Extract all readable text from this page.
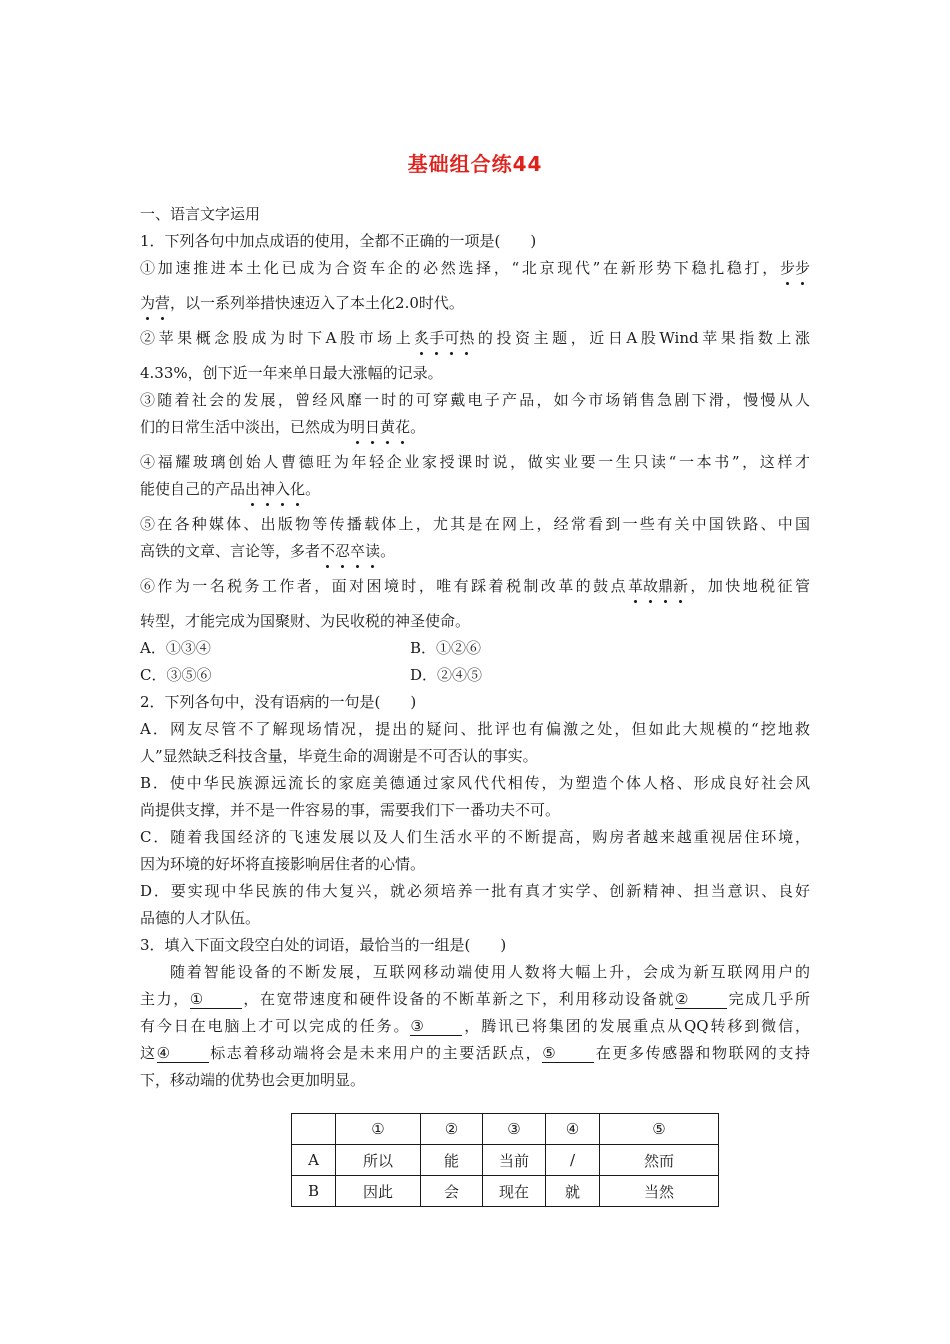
基础组合练44
一、语言文字运用
1．下列各句中加点成语的使用，全都不正确的一项是(　　)
①加速推进本土化已成为合资车企的必然选择，“北京现代”在新形势下稳扎稳打，步步
为营，以一系列举措快速迈入了本土化2.0时代。
②苹果概念股成为时下A股市场上炙手可热的投资主题，近日A股Wind苹果指数上涨
4.33%，创下近一年来单日最大涨幅的记录。
③随着社会的发展，曾经风靡一时的可穿戴电子产品，如今市场销售急剧下滑，慢慢从人
们的日常生活中淡出，已然成为明日黄花。
④福耀玻璃创始人曹德旺为年轻企业家授课时说，做实业要一生只读“一本书”，这样才
能使自己的产品出神入化。
⑤在各种媒体、出版物等传播载体上，尤其是在网上，经常看到一些有关中国铁路、中国
高铁的文章、言论等，多者不忍卒读。
⑥作为一名税务工作者，面对困境时，唯有踩着税制改革的鼓点革故鼎新，加快地税征管
转型，才能完成为国聚财、为民收税的神圣使命。
A．①③④	B．①②⑥
C．③⑤⑥	D．②④⑤
2．下列各句中，没有语病的一句是(　　)
A．网友尽管不了解现场情况，提出的疑问、批评也有偏激之处，但如此大规模的“挖地救
人”显然缺乏科技含量，毕竟生命的凋谢是不可否认的事实。
B．使中华民族源远流长的家庭美德通过家风代代相传，为塑造个体人格、形成良好社会风
尚提供支撑，并不是一件容易的事，需要我们下一番功夫不可。
C．随着我国经济的飞速发展以及人们生活水平的不断提高，购房者越来越重视居住环境，
因为环境的好坏将直接影响居住者的心情。
D．要实现中华民族的伟大复兴，就必须培养一批有真才实学、创新精神、担当意识、良好
品德的人才队伍。
3．填入下面文段空白处的词语，最恰当的一组是(　　)
随着智能设备的不断发展，互联网移动端使用人数将大幅上升，会成为新互联网用户的
主力，①	，在宽带速度和硬件设备的不断革新之下，利用移动设备就②	完成几乎所
有今日在电脑上才可以完成的任务。③	，腾讯已将集团的发展重点从QQ转移到微信，
这④	标志着移动端将会是未来用户的主要活跃点，⑤	在更多传感器和物联网的支持
下，移动端的优势也会更加明显。
	①	②	③	④	⑤
A	所以	能	当前	/	然而
B	因此	会	现在	就	当然
